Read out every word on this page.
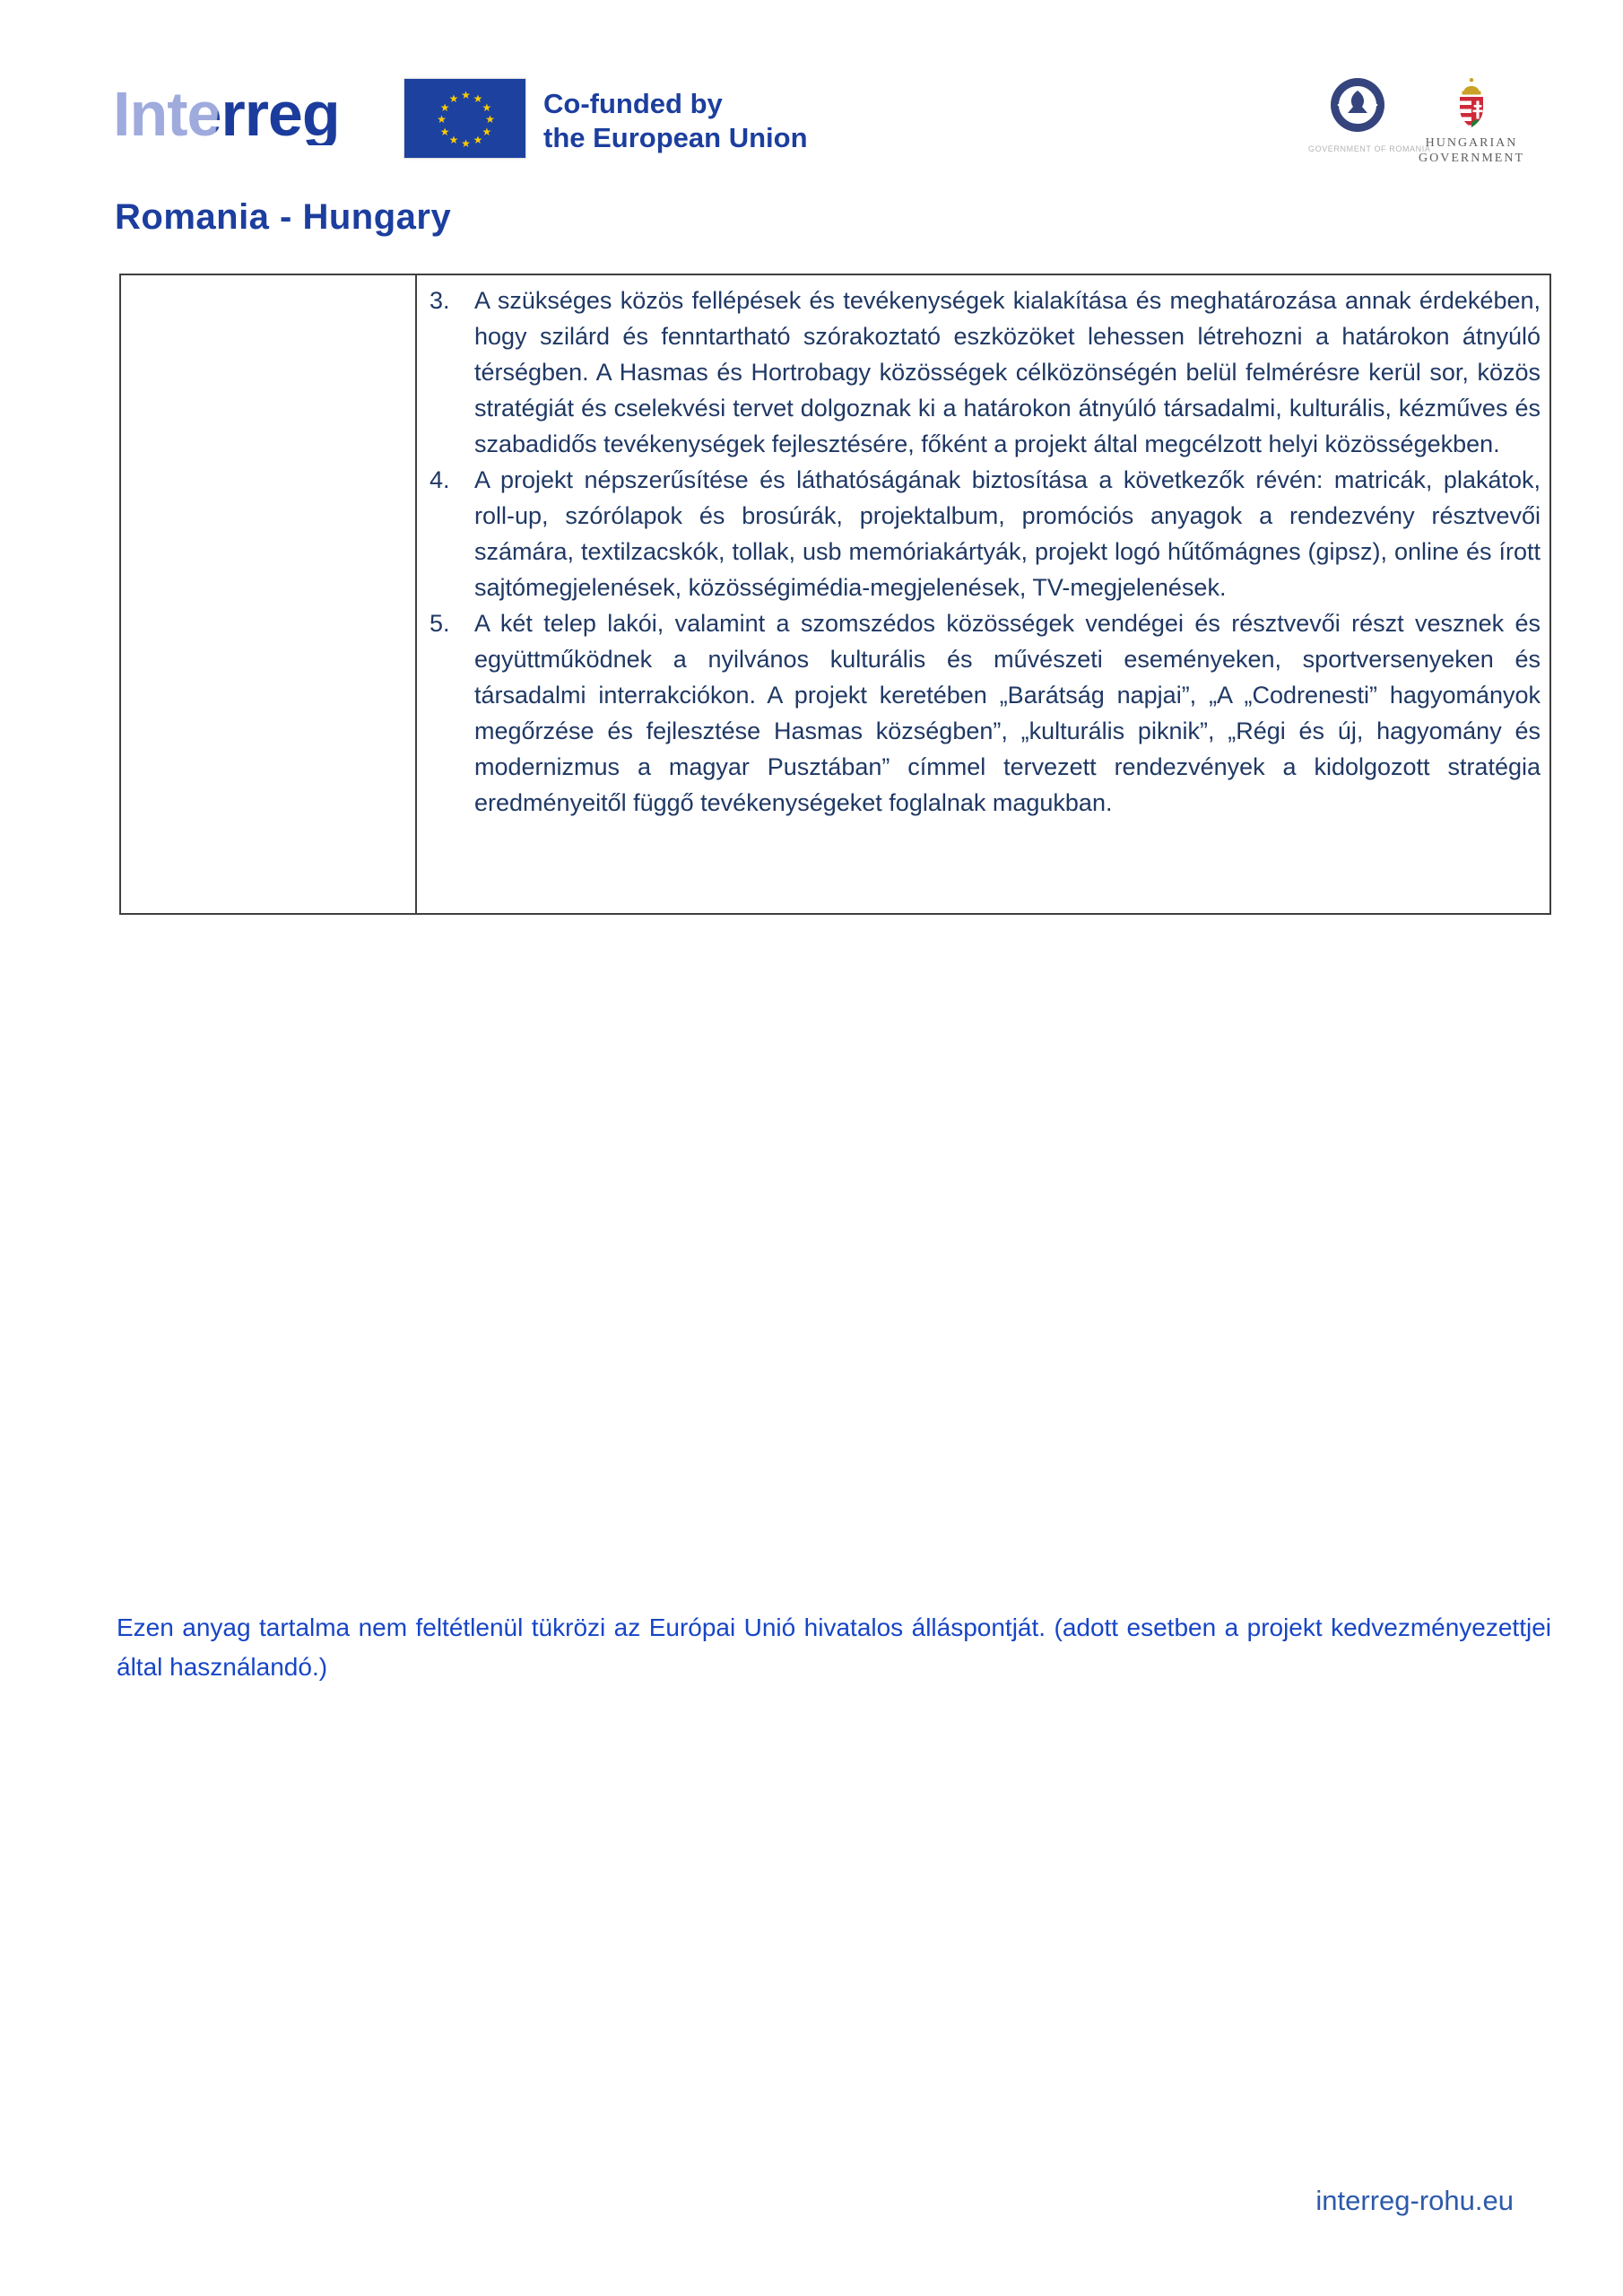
Interreg	★ ★
★
★
★
★
★
★
★
★
★
★	Co-funded by
the European Union	GOVERNMENT OF ROMANIA
HUNGARIAN
GOVERNMENT
Romania - Hungary
3.	A szükséges közös fellépések és tevékenységek kialakítása és meghatározása annak érdekében, hogy szilárd és fenntartható szórakoztató eszközöket lehessen létrehozni a határokon átnyúló térségben. A Hasmas és Hortrobagy közösségek célközönségén belül felmérésre kerül sor, közös stratégiát és cselekvési tervet dolgoznak ki a határokon átnyúló társadalmi, kulturális, kézműves és szabadidős tevékenységek fejlesztésére, főként a projekt által megcélzott helyi közösségekben.
4.	A projekt népszerűsítése és láthatóságának biztosítása a következők révén: matricák, plakátok, roll-up, szórólapok és brosúrák, projektalbum, promóciós anyagok a rendezvény résztvevői számára, textilzacskók, tollak, usb memóriakártyák, projekt logó hűtőmágnes (gipsz), online és írott sajtómegjelenések, közösségimédia-megjelenések, TV-megjelenések.
5.	A két telep lakói, valamint a szomszédos közösségek vendégei és résztvevői részt vesznek és együttműködnek a nyilvános kulturális és művészeti eseményeken, sportversenyeken és társadalmi interrakciókon. A projekt keretében „Barátság napjai”, „A „Codrenesti” hagyományok megőrzése és fejlesztése Hasmas községben”, „kulturális piknik”, „Régi és új, hagyomány és modernizmus a magyar Pusztában” címmel tervezett rendezvények a kidolgozott stratégia eredményeitől függő tevékenységeket foglalnak magukban.

Ezen anyag tartalma nem feltétlenül tükrözi az Európai Unió hivatalos álláspontját. (adott esetben a projekt kedvezményezettjei által használandó.)

interreg-rohu.eu
